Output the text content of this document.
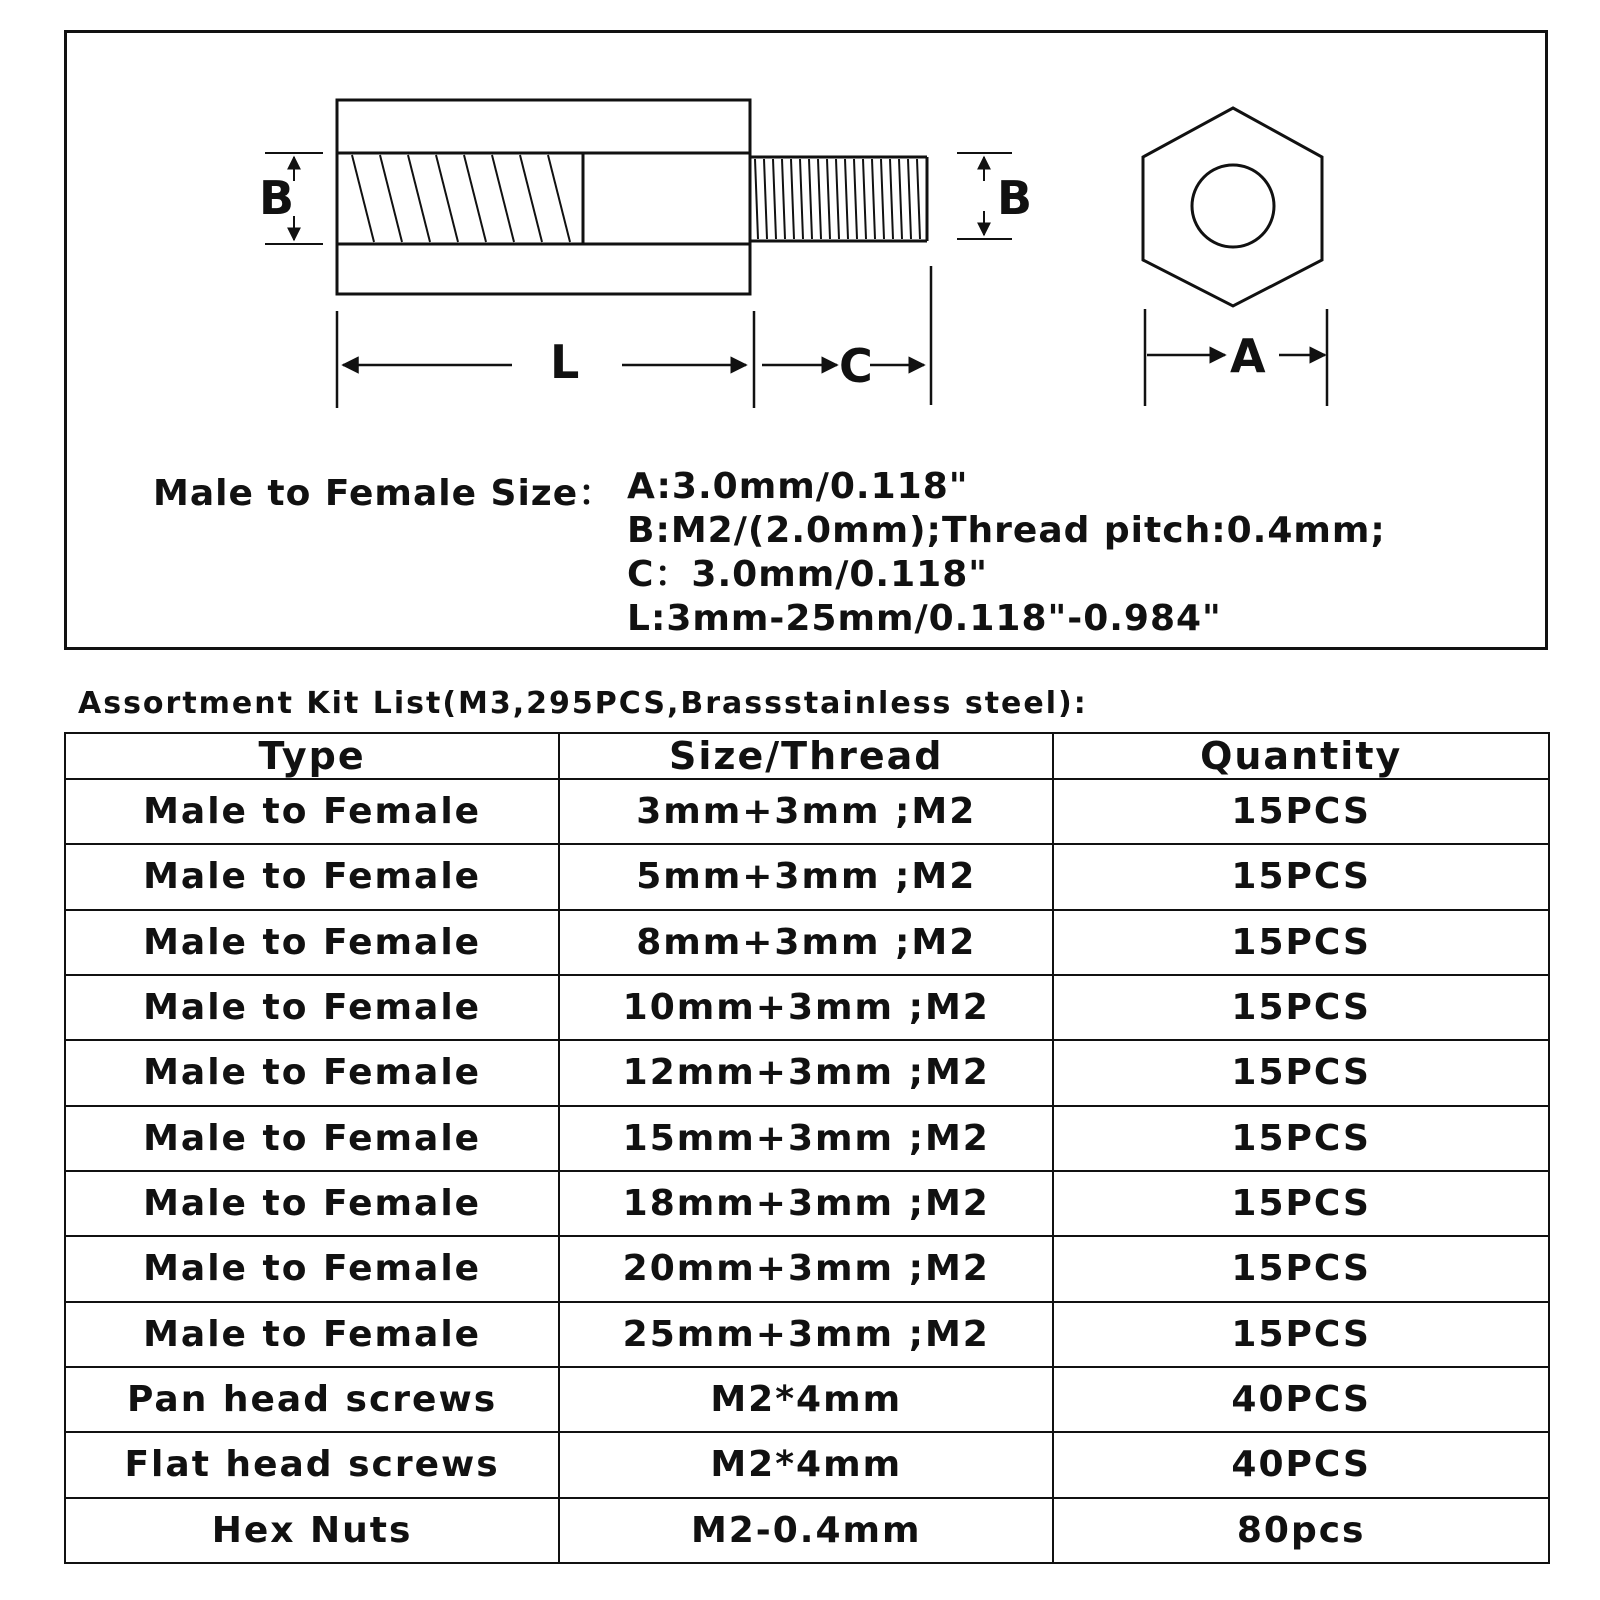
B	B
L	C	A
Male to Female Size： A:3.0mm/0.118"
B:M2/(2.0mm);Thread pitch:0.4mm;
C：3.0mm/0.118"
L:3mm-25mm/0.118"-0.984"
Assortment Kit List(M3,295PCS,Brassstainless steel):
Type	Size/Thread	Quantity
Male to Female	3mm+3mm ;M2	15PCS
Male to Female	5mm+3mm ;M2	15PCS
Male to Female	8mm+3mm ;M2	15PCS
Male to Female	10mm+3mm ;M2	15PCS
Male to Female	12mm+3mm ;M2	15PCS
Male to Female	15mm+3mm ;M2	15PCS
Male to Female	18mm+3mm ;M2	15PCS
Male to Female	20mm+3mm ;M2	15PCS
Male to Female	25mm+3mm ;M2	15PCS
Pan head screws	M2*4mm	40PCS
Flat head screws	M2*4mm	40PCS
Hex Nuts	M2-0.4mm	80pcs
